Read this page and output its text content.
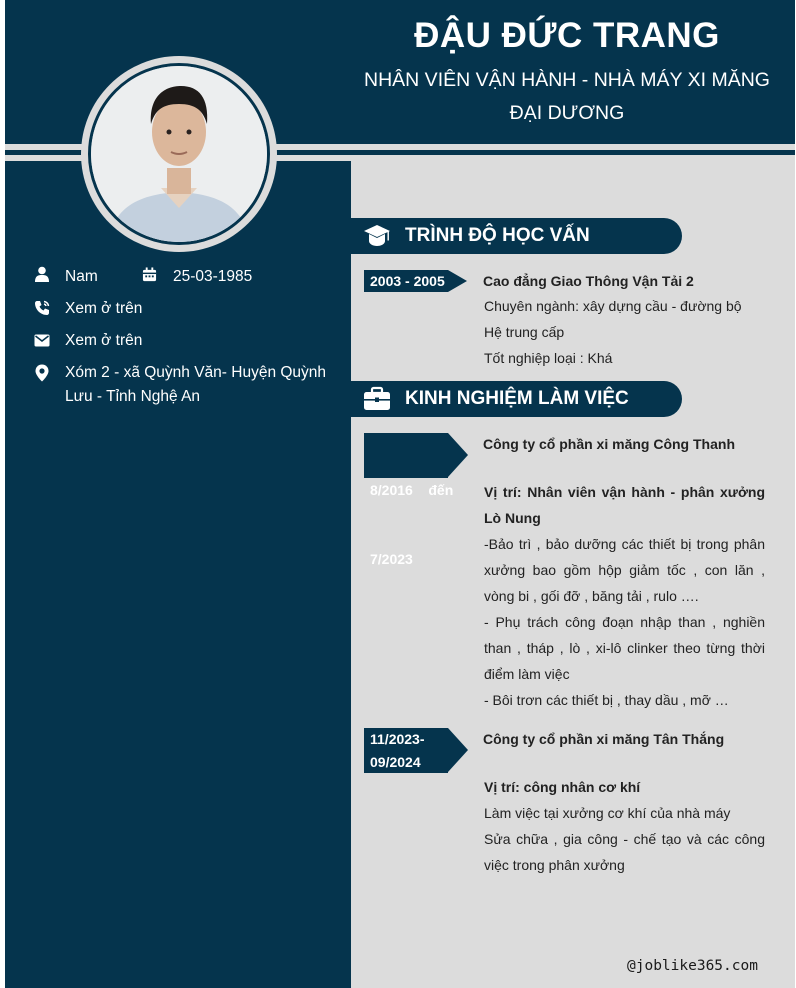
ĐẬU ĐỨC TRANG
NHÂN VIÊN VẬN HÀNH - NHÀ MÁY XI MĂNG
ĐẠI DƯƠNG
Nam	25-03-1985
Xem ở trên
Xem ở trên
Xóm 2 - xã Quỳnh Văn- Huyện Quỳnh
Lưu - Tỉnh Nghệ An
TRÌNH ĐỘ HỌC VẤN
2003 - 2005	Cao đẳng Giao Thông Vận Tải 2
Chuyên ngành: xây dựng cầu - đường bộ
Hệ trung cấp
Tốt nghiệp loại : Khá
KINH NGHIỆM LÀM VIỆC

8/2016    đến

7/2023

Công ty cổ phần xi măng Công Thanh
Vị trí: Nhân viên vận hành - phân xưởng Lò Nung
-Bảo trì , bảo dưỡng các thiết bị trong phân xưởng bao gồm hộp giảm tốc , con lăn , vòng bi , gối đỡ , băng tải , rulo ….
- Phụ trách công đoạn nhập than , nghiền than , tháp , lò , xi-lô clinker theo từng thời điểm làm việc
- Bôi trơn các thiết bị , thay dầu , mỡ …
11/2023-
09/2024
Công ty cổ phần xi măng Tân Thắng
Vị trí: công nhân cơ khí
Làm việc tại xưởng cơ khí của nhà máy
Sửa chữa , gia công - chế tạo và các công việc trong phân xưởng
@joblike365.com
